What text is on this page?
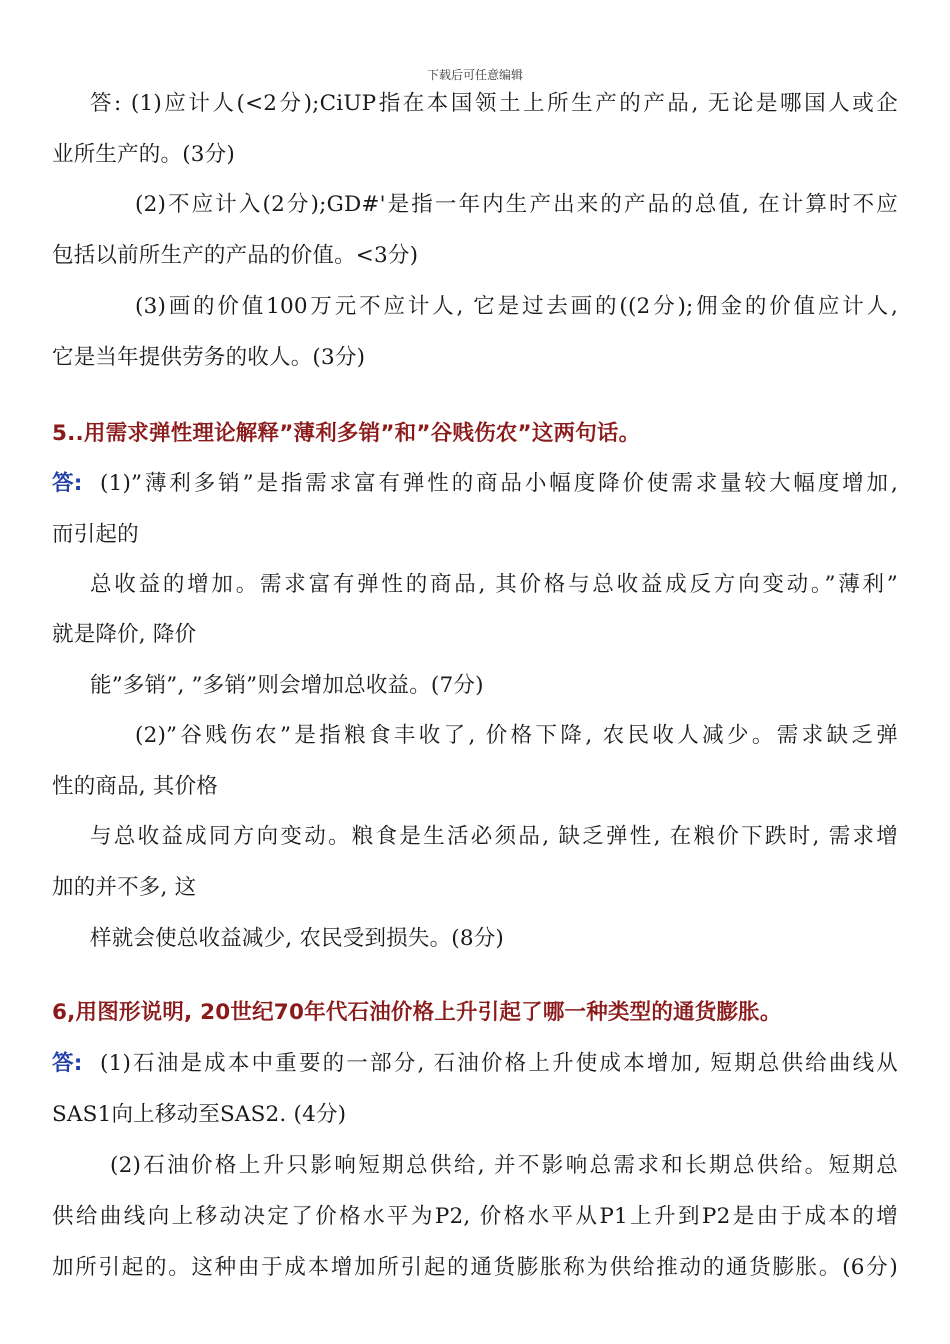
下载后可任意编辑
答: (1)应计人(<2分);CiUP指在本国领土上所生产的产品, 无论是哪国人或企
业所生产的。(3分)
(2)不应计入(2分);GD#'是指一年内生产出来的产品的总值, 在计算时不应
包括以前所生产的产品的价值。<3分)
(3)画的价值100万元不应计人, 它是过去画的((2分);佣金的价值应计人,
它是当年提供劳务的收人。(3分)
5..用需求弹性理论解释”薄利多销”和”谷贱伤农”这两句话。
答: (1)”薄利多销”是指需求富有弹性的商品小幅度降价使需求量较大幅度增加,
而引起的
总收益的增加。需求富有弹性的商品, 其价格与总收益成反方向变动。”薄利”
就是降价, 降价
能”多销”, ”多销”则会增加总收益。(7分)
(2)”谷贱伤农”是指粮食丰收了, 价格下降, 农民收人减少。需求缺乏弹
性的商品, 其价格
与总收益成同方向变动。粮食是生活必须品, 缺乏弹性, 在粮价下跌时, 需求增
加的并不多, 这
样就会使总收益减少, 农民受到损失。(8分)
6,用图形说明, 20世纪70年代石油价格上升引起了哪一种类型的通货膨胀。
答: (1)石油是成本中重要的一部分, 石油价格上升使成本增加, 短期总供给曲线从
SAS1向上移动至SAS2. (4分)
(2)石油价格上升只影响短期总供给, 并不影响总需求和长期总供给。短期总
供给曲线向上移动决定了价格水平为P2, 价格水平从P1上升到P2是由于成本的增
加所引起的。这种由于成本增加所引起的通货膨胀称为供给推动的通货膨胀。(6分)
